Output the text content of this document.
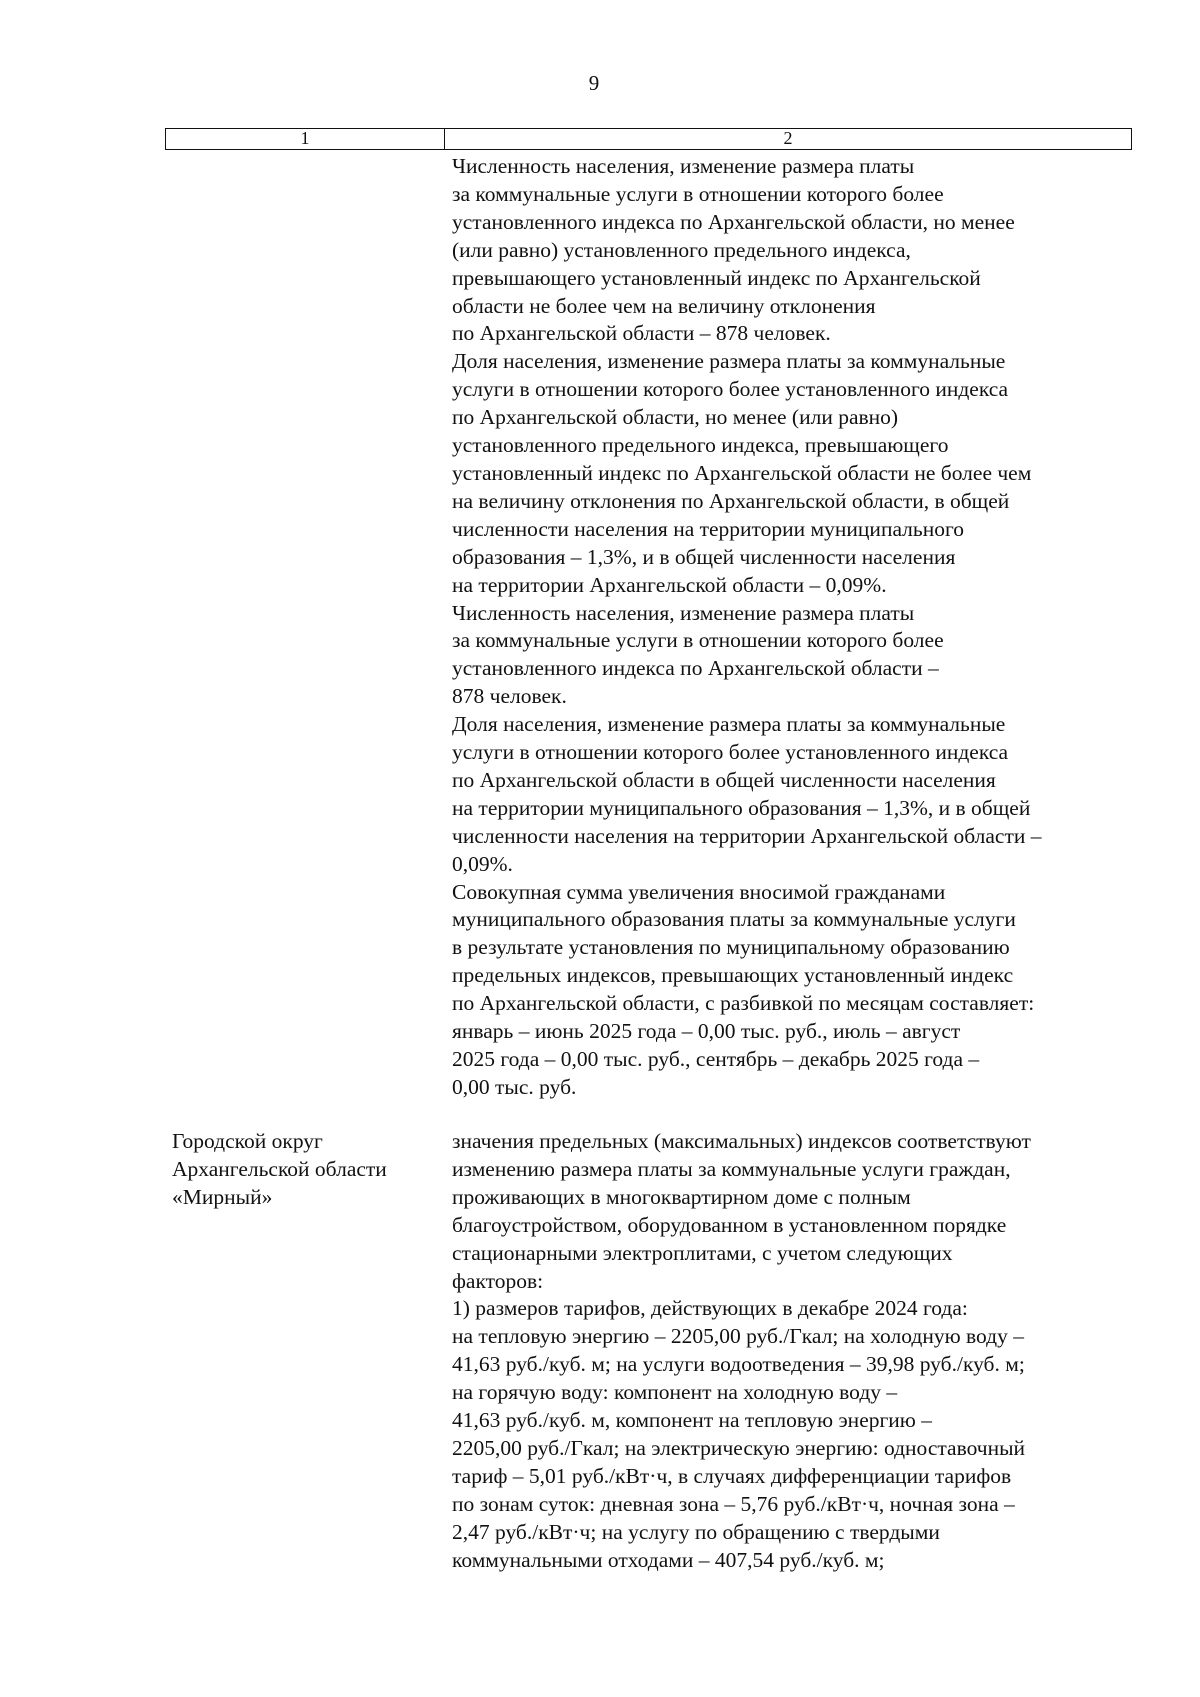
9
1	2
Численность населения, изменение размера платы
за коммунальные услуги в отношении которого более
установленного индекса по Архангельской области, но менее
(или равно) установленного предельного индекса,
превышающего установленный индекс по Архангельской
области не более чем на величину отклонения
по Архангельской области – 878 человек.
Доля населения, изменение размера платы за коммунальные
услуги в отношении которого более установленного индекса
по Архангельской области, но менее (или равно)
установленного предельного индекса, превышающего
установленный индекс по Архангельской области не более чем
на величину отклонения по Архангельской области, в общей
численности населения на территории муниципального
образования – 1,3%, и в общей численности населения
на территории Архангельской области – 0,09%.
Численность населения, изменение размера платы
за коммунальные услуги в отношении которого более
установленного индекса по Архангельской области –
878 человек.
Доля населения, изменение размера платы за коммунальные
услуги в отношении которого более установленного индекса
по Архангельской области в общей численности населения
на территории муниципального образования – 1,3%, и в общей
численности населения на территории Архангельской области –
0,09%.
Совокупная сумма увеличения вносимой гражданами
муниципального образования платы за коммунальные услуги
в результате установления по муниципальному образованию
предельных индексов, превышающих установленный индекс
по Архангельской области, с разбивкой по месяцам составляет:
январь – июнь 2025 года – 0,00 тыс. руб., июль – август
2025 года – 0,00 тыс. руб., сентябрь – декабрь 2025 года –
0,00 тыс. руб.
Городской округ
Архангельской области
«Мирный»
значения предельных (максимальных) индексов соответствуют
изменению размера платы за коммунальные услуги граждан,
проживающих в многоквартирном доме с полным
благоустройством, оборудованном в установленном порядке
стационарными электроплитами, с учетом следующих
факторов:
1) размеров тарифов, действующих в декабре 2024 года:
на тепловую энергию – 2205,00 руб./Гкал; на холодную воду –
41,63 руб./куб. м; на услуги водоотведения – 39,98 руб./куб. м;
на горячую воду: компонент на холодную воду –
41,63 руб./куб. м, компонент на тепловую энергию –
2205,00 руб./Гкал; на электрическую энергию: одноставочный
тариф – 5,01 руб./кВт·ч, в случаях дифференциации тарифов
по зонам суток: дневная зона – 5,76 руб./кВт·ч, ночная зона –
2,47 руб./кВт·ч; на услугу по обращению с твердыми
коммунальными отходами – 407,54 руб./куб. м;
